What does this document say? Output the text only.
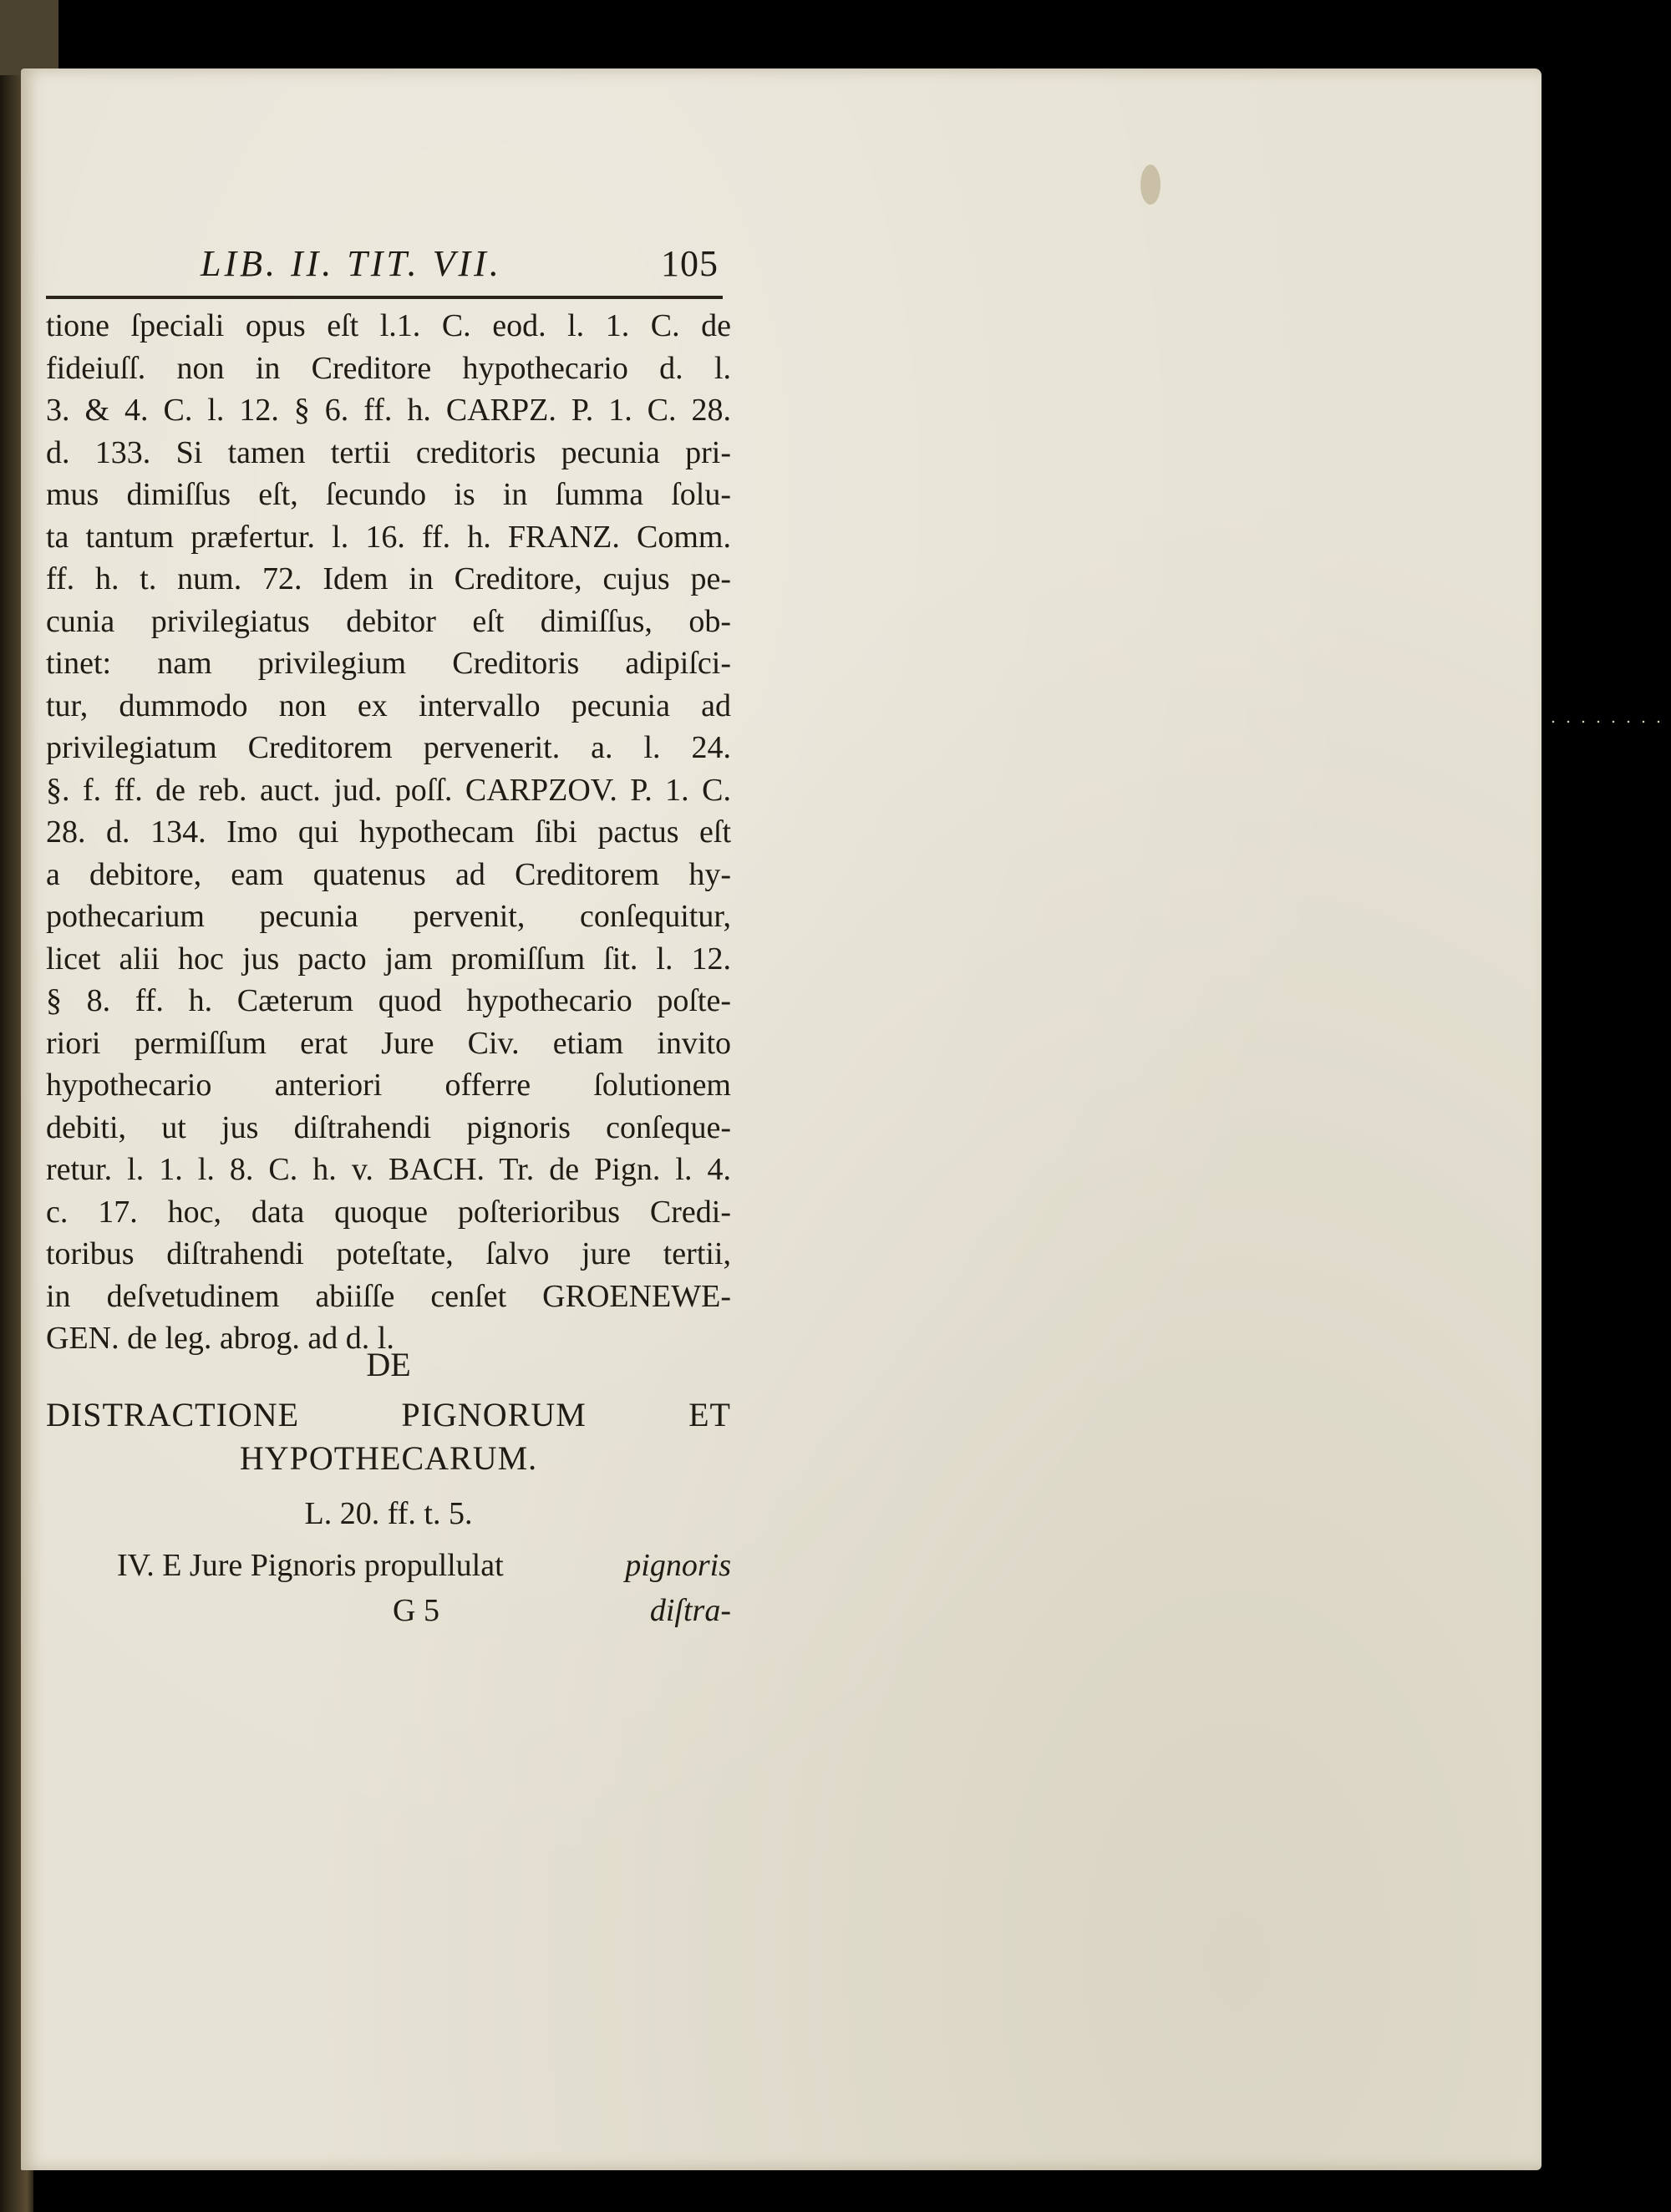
LIB. II. TIT. VII.	105
tione ſpeciali opus eſt l.1. C. eod. l. 1. C. de
fideiuſſ. non in Creditore hypothecario d. l.
3. & 4. C. l. 12. § 6. ff. h. CARPZ. P. 1. C. 28.
d. 133. Si tamen tertii creditoris pecunia pri-
mus dimiſſus eſt, ſecundo is in ſumma ſolu-
ta tantum præfertur. l. 16. ff. h. FRANZ. Comm.
ff. h. t. num. 72. Idem in Creditore, cujus pe-
cunia privilegiatus debitor eſt dimiſſus, ob-
tinet: nam privilegium Creditoris adipiſci-
tur, dummodo non ex intervallo pecunia ad
privilegiatum Creditorem pervenerit. a. l. 24.
§. f. ff. de reb. auct. jud. poſſ. CARPZOV. P. 1. C.
28. d. 134. Imo qui hypothecam ſibi pactus eſt
a debitore, eam quatenus ad Creditorem hy-
pothecarium pecunia pervenit, conſequitur,
licet alii hoc jus pacto jam promiſſum ſit. l. 12.
§ 8. ff. h. Cæterum quod hypothecario poſte-
riori permiſſum erat Jure Civ. etiam invito
hypothecario anteriori offerre ſolutionem
debiti, ut jus diſtrahendi pignoris conſeque-
retur. l. 1. l. 8. C. h. v. BACH. Tr. de Pign. l. 4.
c. 17. hoc, data quoque poſterioribus Credi-
toribus diſtrahendi poteſtate, ſalvo jure tertii,
in deſvetudinem abiiſſe cenſet GROENEWE-
GEN. de leg. abrog. ad d. l.
DE
DISTRACTIONE	PIGNORUM	ET
HYPOTHECARUM.
L. 20. ff. t. 5.
IV. E Jure Pignoris propullulat	pignoris
G 5	diſtra-
